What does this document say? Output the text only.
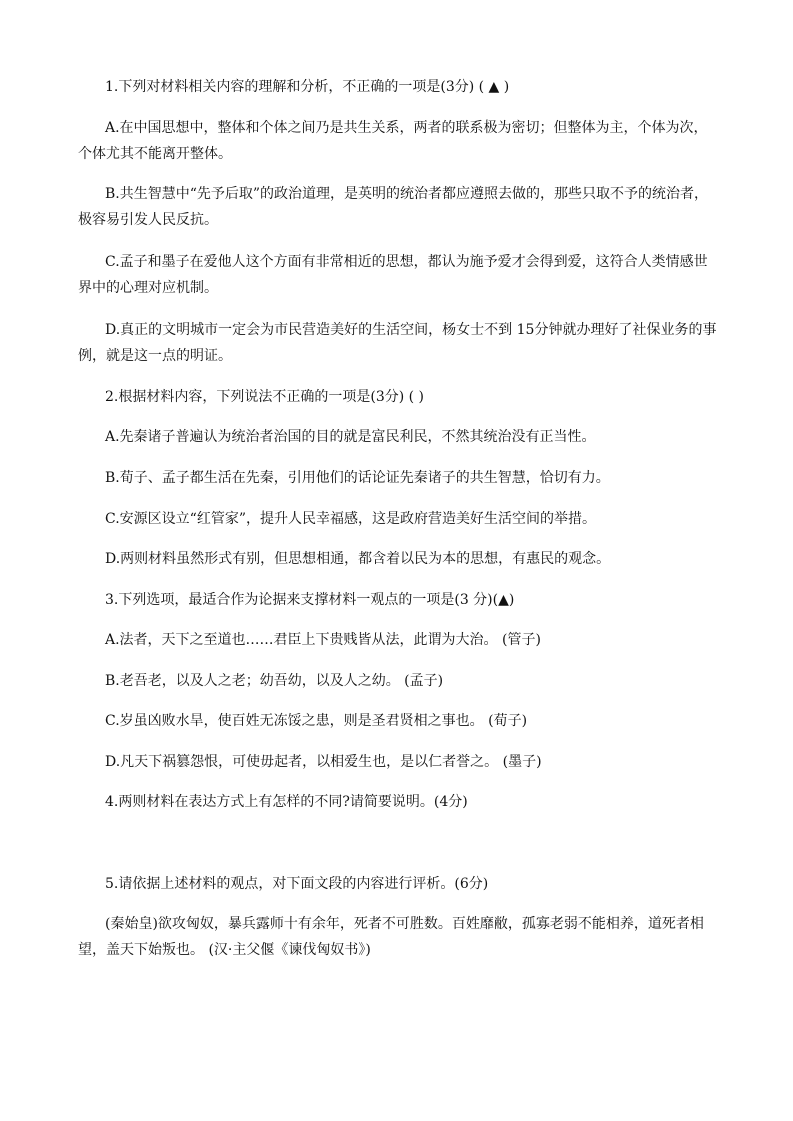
1.下列对材料相关内容的理解和分析，不正确的一项是(3分) ( ▲ )
A.在中国思想中，整体和个体之间乃是共生关系，两者的联系极为密切；但整体为主，个体为次，
个体尤其不能离开整体。
B.共生智慧中“先予后取”的政治道理，是英明的统治者都应遵照去做的，那些只取不予的统治者，
极容易引发人民反抗。
C.孟子和墨子在爱他人这个方面有非常相近的思想，都认为施予爱才会得到爱，这符合人类情感世
界中的心理对应机制。
D.真正的文明城市一定会为市民营造美好的生活空间，杨女士不到 15分钟就办理好了社保业务的事
例，就是这一点的明证。
2.根据材料内容，下列说法不正确的一项是(3分) ( )
A.先秦诸子普遍认为统治者治国的目的就是富民利民，不然其统治没有正当性。
B.荀子、孟子都生活在先秦，引用他们的话论证先秦诸子的共生智慧，恰切有力。
C.安源区设立“红管家”，提升人民幸福感，这是政府营造美好生活空间的举措。
D.两则材料虽然形式有别，但思想相通，都含着以民为本的思想，有惠民的观念。
3.下列选项，最适合作为论据来支撑材料一观点的一项是(3 分)(▲)
A.法者，天下之至道也……君臣上下贵贱皆从法，此谓为大治。 (管子)
B.老吾老，以及人之老；幼吾幼，以及人之幼。 (孟子)
C.岁虽凶败水旱，使百姓无冻馁之患，则是圣君贤相之事也。 (荀子)
D.凡天下祸篡怨恨，可使毋起者，以相爱生也，是以仁者誉之。 (墨子)
4.两则材料在表达方式上有怎样的不同?请简要说明。(4分)
5.请依据上述材料的观点，对下面文段的内容进行评析。(6分)
(秦始皇)欲攻匈奴，暴兵露师十有余年，死者不可胜数。百姓靡敝，孤寡老弱不能相养，道死者相
望，盖天下始叛也。 (汉·主父偃《谏伐匈奴书》)
